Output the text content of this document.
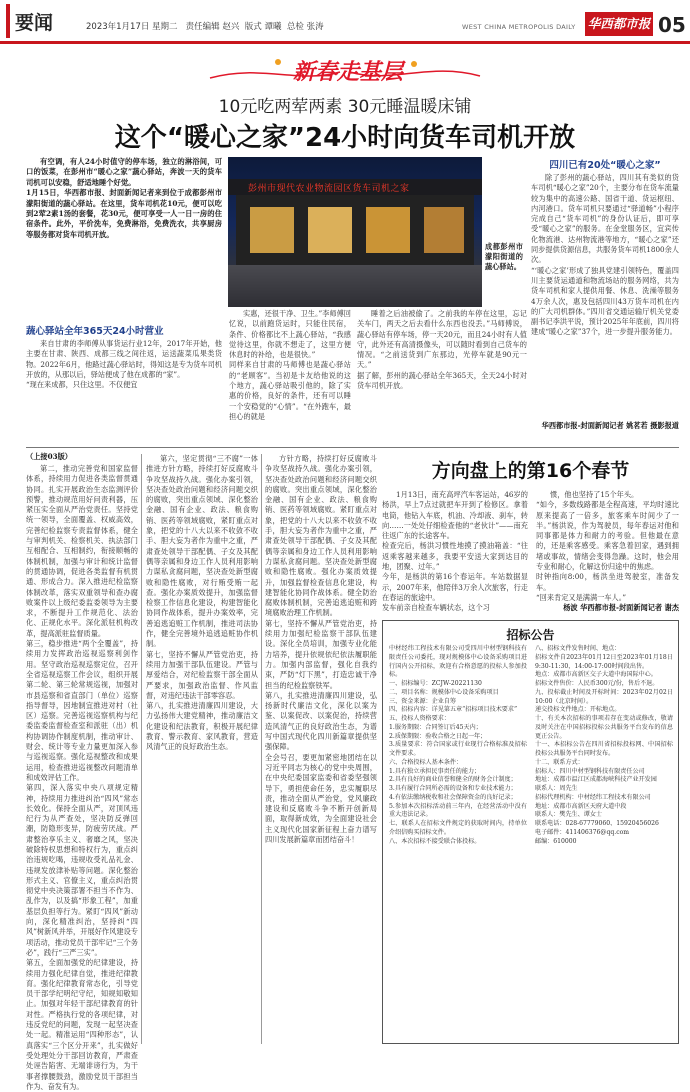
要闻	2023年1月17日 星期二 责任编辑 赵兴 版式 谭曦 总检 张涛	WEST CHINA METROPOLIS DAILY 华西都市报 05
新春走基层
10元吃两荤两素 30元睡温暖床铺
这个“暖心之家”24小时向货车司机开放
有空调，有人24小时值守的停车场，独立的淋浴间，可口的饭菜，在彭州市“暖心之家”蔬心驿站，奔波一天的货车司机可以安稳，舒适地睡个好觉。
1月15日，华西都市报、封面新闻记者来到位于成都彭州市濛阳街道的蔬心驿站。在这里，货车司机花10元，便可以吃到2荤2素1汤的套餐，花30元，便可享受一人一日一房的住宿条件。此外，平价洗车，免费淋浴，免费洗衣，共享厨房等服务都对货车司机开放。
蔬心驿站全年365天24小时营业
来自甘肃的李师傅从事货运行业12年，2017年开始，他主要在甘肃、陕西、成都三线之间往返，运送蔬菜瓜果类货物。2022年6月，他路过蔬心驿站时，得知这是专为货车司机开放的，从那以后，驿站便成了他在成都的“家”。
“现在来成都，只住这里。不仅便宜
彭州市现代农业物流园区货车司机之家
成都彭州市濛阳街道的蔬心驿站。
实惠，还很干净、卫生。”李师傅回忆说，以前跑货运时，只能住民宿，条件、价格都比不上蔬心驿站，“我感觉待这里，你就不想走了，这里方便休息时的补给，也是很快。”
同样来自甘肃的马师傅也是蔬心驿站的“老顾客”。当初是卡友给他说的这个地方，蔬心驿站吸引他的，除了实惠的价格，良好的条件，还有可以睡一个安稳觉的“心情”。“在外跑车，最担心的就是
睡着之后油被偷了。之前我的车停在这里，忘记关车门，两天之后去看什么东西也没丢。”马师傅说，蔬心驿站有停车场，停一天20元，而且24小时有人值守，此外还有高清摄像头，可以随时看到自己货车的情况。“之前送货到广东那边，光停车就是90元一天。”
据了解，彭州的蔬心驿站全年365天，全天24小时对货车司机开放。
四川已有20处“暖心之家”
除了彭州的蔬心驿站，四川其有类似的货车司机“暖心之家”20个，主要分布在货车流量较为集中的高速公路、国省干道、货运枢纽、内河港口。货车司机只要通过“驿道畅”小程序完成自己“货车司机”的身份认证后，即可享受“暖心之家”的服务。在金堂服务区，宜宾传化物流港、达州物流港等地方，“暖心之家”还同步提供货源信息，共服务货车司机1800余人次。
“‘暖心之家’形成了独具党建引领特色，覆盖四川主要货运通道和物流场站的服务网络，共为货车司机和家人提供用餐、休息、洗澡等服务4万余人次，惠及包括四川43万货车司机在内的广大司机群体。”四川省交通运输厅机关党委副书记李洪平说，预计2025年年底前，四川将建成“暖心之家”37个，进一步提升服务能力。
华西都市报-封面新闻记者 姚茗若 摄影报道
（上接03版）
第二，推动完善党和国家监督体系，持续用力促进各类监督贯通协同。扎实开展政治生态监测评价预警，推动规范用好问责利器，压紧压实全面从严治党责任。坚持党统一领导，全面覆盖、权威高效，完善纪检监察专责监督体系，健全与审判机关、检察机关、执法部门互相配合、互相制约，衔接顺畅的体制机制，加强与审计和统计监督的贯通协调，促进各类监督有机贯通、形成合力。深入推进纪检监察体制改革，落实双重领导和查办腐败案件以上级纪委监委领导为主要求，不断提升工作规范化、法治化、正规化水平。深化派驻机构改革，提高派驻监督质量。
第三，稳步推进“两个全覆盖”，持续用力发挥政治巡视巡察利剑作用。坚守政治巡视巡察定位，召开全省巡视巡察工作会议，组织开展第二轮、第三轮常规巡视，加强对市县巡察和省直部门（单位）巡察指导督导，因地制宜推进对村（社区）巡察。完善巡视巡察机构与纪委监委监督检查室和派驻（出）机构协调协作制度机制，推动审计、财会、统计等专业力量更加深入参与巡视巡察。强化巡视整改和成果运用，检查推进巡视整改问题清单和成效评估工作。
第四，深入落实中央八项规定精神，持续用力推进纠治“四风”常态长效化。保持全面从严，对顶风违纪行为从严查处，坚决防反弹回潮，防隐形变异，防疲劳厌战。严肃整治享乐主义、奢靡之风，坚决破除特权思想和特权行为，重点纠治违规吃喝，违规收受礼品礼金、违规发放津补贴等问题。深化整治形式主义、官僚主义，重点纠治贯彻党中央决策部署不担当不作为、乱作为，以及搞“形象工程”，加重基层负担等行为。紧盯“四风”新动向，深化精准纠治，坚持纠“四风”树新风并举，开展好作风建设专项活动，推动党员干部牢记“三个务必”，践行“三严三实”。
第五，全面加强党的纪律建设，持续用力强化纪律自觉，推进纪律教育。强化纪律教育常态化，引导党员干部学纪明纪守纪，知规知敬知止。加强对年轻干部纪律教育的针对性。严格执行党的各项纪律，对违反党纪的问题，发现一起坚决查处一起。精准运用“四种形态”，认真落实“三个区分开来”，扎实做好受处理处分干部回访教育，严肃查处诬告陷害、无端诽谤行为，为干事者撑腰鼓劲，激励党员干部担当作为、奋发有为。
第六，坚定贯彻“三不腐”一体推进方针方略，持续打好反腐败斗争攻坚战持久战。强化办案引领，坚决查处政治问题和经济问题交织的腐败，突出重点领域、深化整治金融、国有企业、政法、粮食购销、医药等领域腐败，紧盯重点对象，把党的十八大以来不收敛不收手、胆大妄为者作为重中之重，严肃查处领导干部配偶、子女及其配偶等亲属和身边工作人员利用影响力谋私贪腐问题，坚决查处新型腐败和隐性腐败，对行贿受贿一起查。强化办案质效提升，加强监督检察工作信息化建设，构建智能化协同作战体系，提升办案效率，完善追逃追赃工作机制，推进司法协作，健全完善境外追逃追赃协作机制。
第七，坚持不懈从严管党治吏，持续用力加强干部队伍建设。严管与厚爱结合，对纪检监察干部全面从严要求，加强政治监督、作风监督，对违纪违法干部零容忍。
第八，扎实推进清廉四川建设，大力弘扬伟大建党精神，推动廉洁文化建设和纪法教育，积极开展纪律教育、警示教育、家风教育，营造风清气正的良好政治生态。
方针方略，持续打好反腐败斗争攻坚战持久战。强化办案引领，坚决查处政治问题和经济问题交织的腐败。突出重点领域，深化整治金融、国有企业、政法、粮食购销、医药等领域腐败。紧盯重点对象，把党的十八大以来不收敛不收手，胆大妄为者作为重中之重，严肃查处领导干部配偶、子女及其配偶等亲属和身边工作人员利用影响力谋私贪腐问题。坚决查处新型腐败和隐性腐败。强化办案质效提升，加强监督检查信息化建设，构建智能化协同作战体系。健全防治腐败体制机制，完善追逃追赃和跨境腐败治理工作机制。
第七，坚持不懈从严管党治吏，持续用力加强纪检监察干部队伍建设。深化全员培训，加强专业化能力培养，提升依规依纪依法履职能力。加强内部监督，强化自我约束，严防“灯下黑”，打造忠诚干净担当的纪检监察铁军。
第八，扎实推进清廉四川建设，弘扬新时代廉洁文化，深化以案为鉴、以案促改、以案促治，持续营造风清气正的良好政治生态，为谱写中国式现代化四川新篇章提供坚强保障。
全会号召，要更加紧密地团结在以习近平同志为核心的党中央周围，在中央纪委国家监委和省委坚强领导下，勇担使命任务，忠实履职尽责，推动全面从严治党，党风廉政建设和反腐败斗争不断开创新局面，取得新成效，为全面建设社会主义现代化国家新征程上奋力谱写四川发展新篇章而团结奋斗！
方向盘上的第16个春节
1月13日，南充高坪汽车客运站，46岁的杨洪，早上7点过就把车开到了检修区。拿着电筒，他钻入车底，机油、冷却液、刹车，转向……一处处仔细检查他的“老伙计”——南充往返广东的长途客车。
检查完后，杨洪习惯性地摸了摸油箱盖：“往返乘客越来越多，我要平安送大家到达目的地，团聚、过年。”
今年，是杨洪的第16个春运年。车站数据显示，2007年来，他陪伴3万余人次旅客，行走在春运的旅途中。
发车前亲自检查车辆状态，这个习
惯，他也坚持了15个年头。
“如今，多数线路都是全程高速，平均时速比原来提高了一倍多，旅客乘车时间少了一半。”杨洪说，作为驾驶员，每年春运对他和同事都是体力和耐力的考验。但他最在意的，还是乘客感受。乘客急着回家，遇到拥堵或事故，情绪会变得急躁。这时，他会用专业和耐心，化解这份归途中的焦虑。
时钟指向8:00，杨洪坐进驾驶室，准备发车。
“回来肯定又是满满一车人。”
杨波 华西都市报-封面新闻记者 谢杰
招标公告
中材经纬工程技术有限公司受四川中材型钢科技有限责任公司委托，现对规模体中心设备采购项目进行国内公开招标，欢迎有合格意愿的投标人参加投标。
一、招标编号：ZCJW-20221130
二、项目名称：规模体中心设备采购项目
三、资金来源：企业自筹
四、招标内容：详见第五章“招标项目技术要求”
五、投标人资格要求：
1.服务期限：合同签订后45天内；
2.质保期限：验收合格之日起一年；
3.质量要求：符合国家或行业现行合格标准及招标文件要求。
六、合格投标人基本条件：
1.具有独立承担民事责任的能力；
2.具有良好的商业信誉和健全的财务会计制度；
3.具有履行合同所必需的设备和专业技术能力；
4.有依法缴纳税收和社会保障资金的良好记录；
5.参加本次招标活动前三年内，在经营活动中没有重大违法记录。
七、联系人在招标文件规定的获取时间内，持单位介绍信购买招标文件。
八、本次招标不接受联合体投标。
八、招标文件发售时间、地点：
招标文件自2023年01月12日至2023年01月18日9:30-11:30，14:00-17:00时间段出售。
地点：成都市高新区交子大道中海国际中心。
招标文件售价：人民币300元/份，售后不退。
九、投标截止时间及开标时间：2023年02月02日10:00（北京时间）。
递交投标文件地点：开标地点。
十、有关本次招标的事项若存在变动或修改，敬请及时关注在中国招标投标公共服务平台发布的信息更正公告。
十一、本招标公告在四川省招标投标网、中国招标投标公共服务平台同时发布。
十二、联系方式：
招标人：四川中材型钢科技有限责任公司
地址：成都市温江区成都海峡科技产业开发园
联系人：周先生
招标代理机构：中材经纬工程技术有限公司
地址：成都市高新区天府大道中段
联系人：樊先生、谭女士
联系电话：028-67779060、15920456026
电子邮件：411406376@qq.com
邮编：610000
